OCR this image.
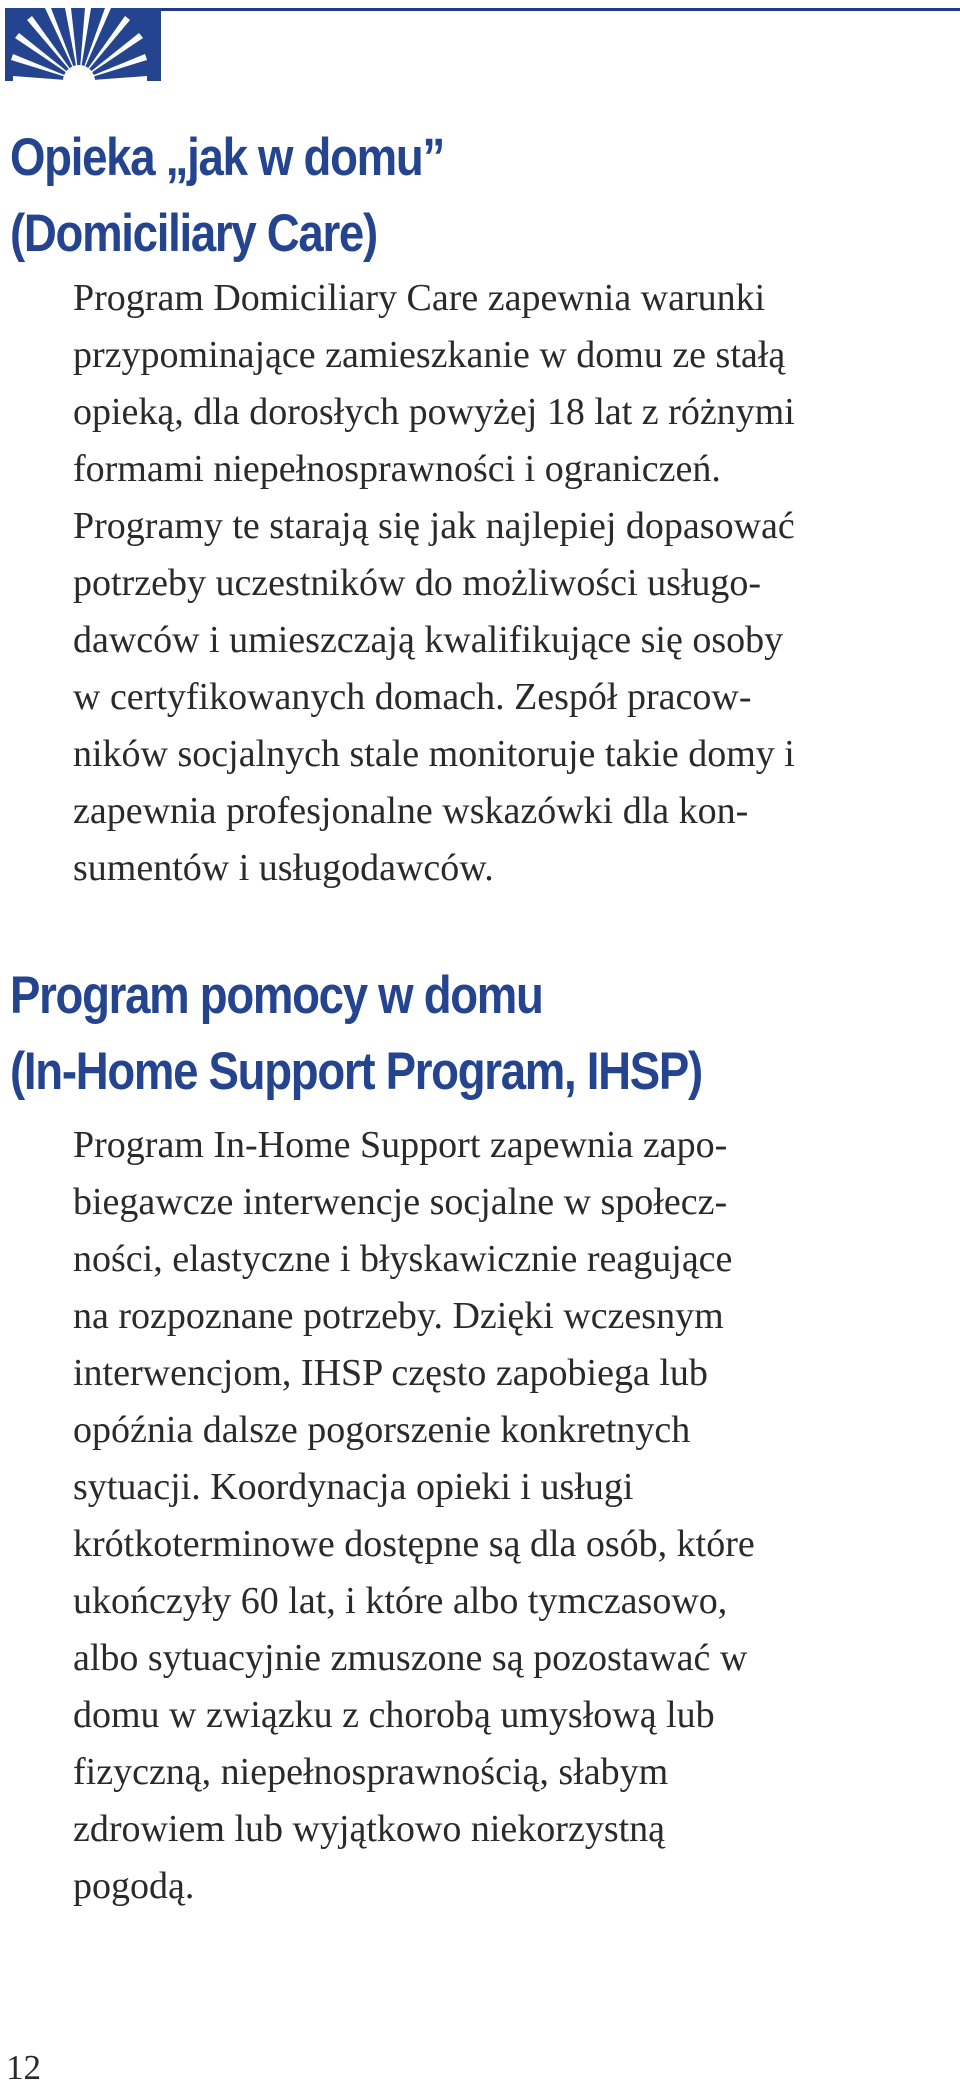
Opieka „jak w domu”
(Domiciliary Care)

Program Domiciliary Care zapewnia warunki
przypominające zamieszkanie w domu ze stałą
opieką, dla dorosłych powyżej 18 lat z różnymi
formami niepełnosprawności i ograniczeń.
Programy te starają się jak najlepiej dopasować
potrzeby uczestników do możliwości usługo-
dawców i umieszczają kwalifikujące się osoby
w certyfikowanych domach. Zespół pracow-
ników socjalnych stale monitoruje takie domy i
zapewnia profesjonalne wskazówki dla kon-
sumentów i usługodawców.

Program pomocy w domu
(In-Home Support Program, IHSP)

Program In-Home Support zapewnia zapo-
biegawcze interwencje socjalne w społecz-
ności, elastyczne i błyskawicznie reagujące
na rozpoznane potrzeby. Dzięki wczesnym
interwencjom, IHSP często zapobiega lub
opóźnia dalsze pogorszenie konkretnych
sytuacji. Koordynacja opieki i usługi
krótkoterminowe dostępne są dla osób, które
ukończyły 60 lat, i które albo tymczasowo,
albo sytuacyjnie zmuszone są pozostawać w
domu w związku z chorobą umysłową lub
fizyczną, niepełnosprawnością, słabym
zdrowiem lub wyjątkowo niekorzystną
pogodą.

12
